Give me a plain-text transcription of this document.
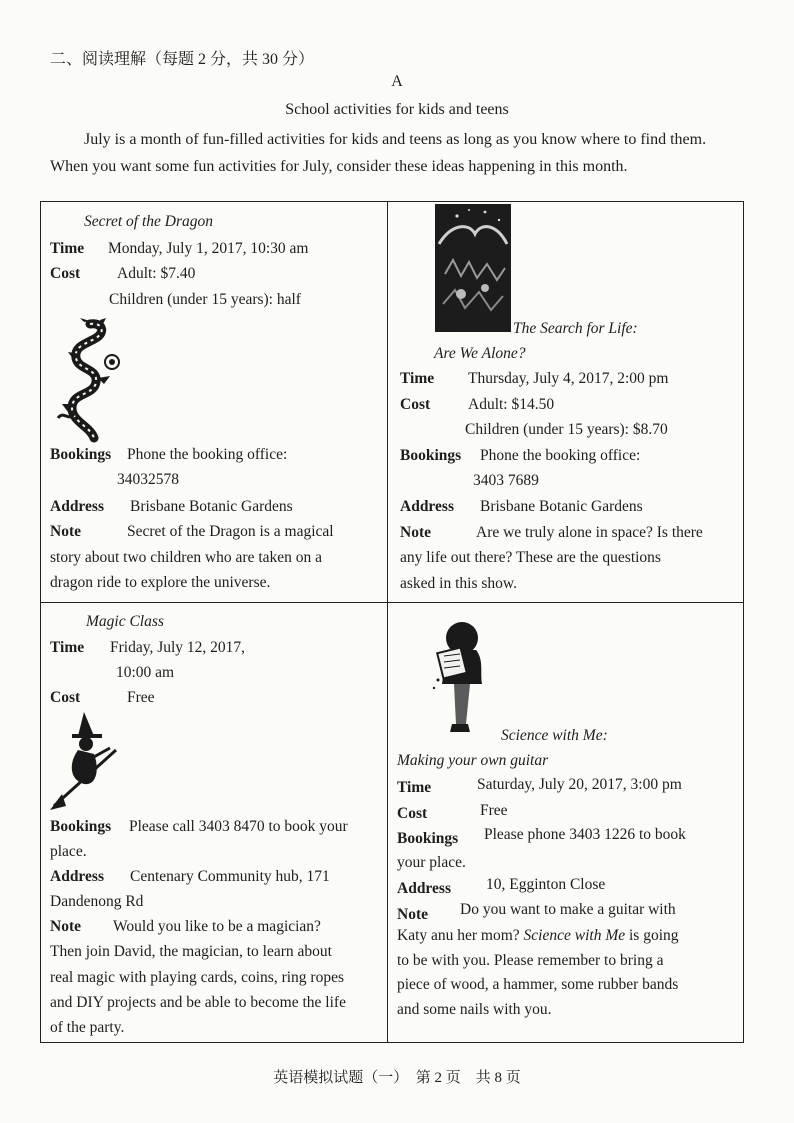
二、阅读理解（每题 2 分，共 30 分）
A
School activities for kids and teens
July is a month of fun-filled activities for kids and teens as long as you know where to find them. When you want some fun activities for July, consider these ideas happening in this month.
Secret of the Dragon
Time Monday, July 1, 2017, 10:30 am
Cost Adult: $7.40
Children (under 15 years): half
Bookings Phone the booking office:
34032578
Address Brisbane Botanic Gardens
Note	Secret of the Dragon is a magical
story about two children who are taken on a
dragon ride to explore the universe.
The Search for Life:
Are We Alone?
Time Thursday, July 4, 2017, 2:00 pm
Cost Adult: $14.50
Children (under 15 years): $8.70
Bookings Phone the booking office:
3403 7689
Address Brisbane Botanic Gardens
Note	Are we truly alone in space? Is there
any life out there? These are the questions
asked in this show.
Magic Class
Time Friday, July 12, 2017,
10:00 am
Cost	Free
Bookings Please call 3403 8470 to book your
place.
Address Centenary Community hub, 171
Dandenong Rd
Note Would you like to be a magician?
Then join David, the magician, to learn about
real magic with playing cards, coins, ring ropes
and DIY projects and be able to become the life
of the party.
Science with Me:
Making your own guitar
Time	Saturday, July 20, 2017, 3:00 pm
Cost	Free
Bookings Please phone 3403 1226 to book
your place.
Address 10, Egginton Close
Note Do you want to make a guitar with
Katy anu her mom? Science with Me is going
to be with you. Please remember to bring a
piece of wood, a hammer, some rubber bands
and some nails with you.
英语模拟试题（一）　第 2 页　共 8 页
